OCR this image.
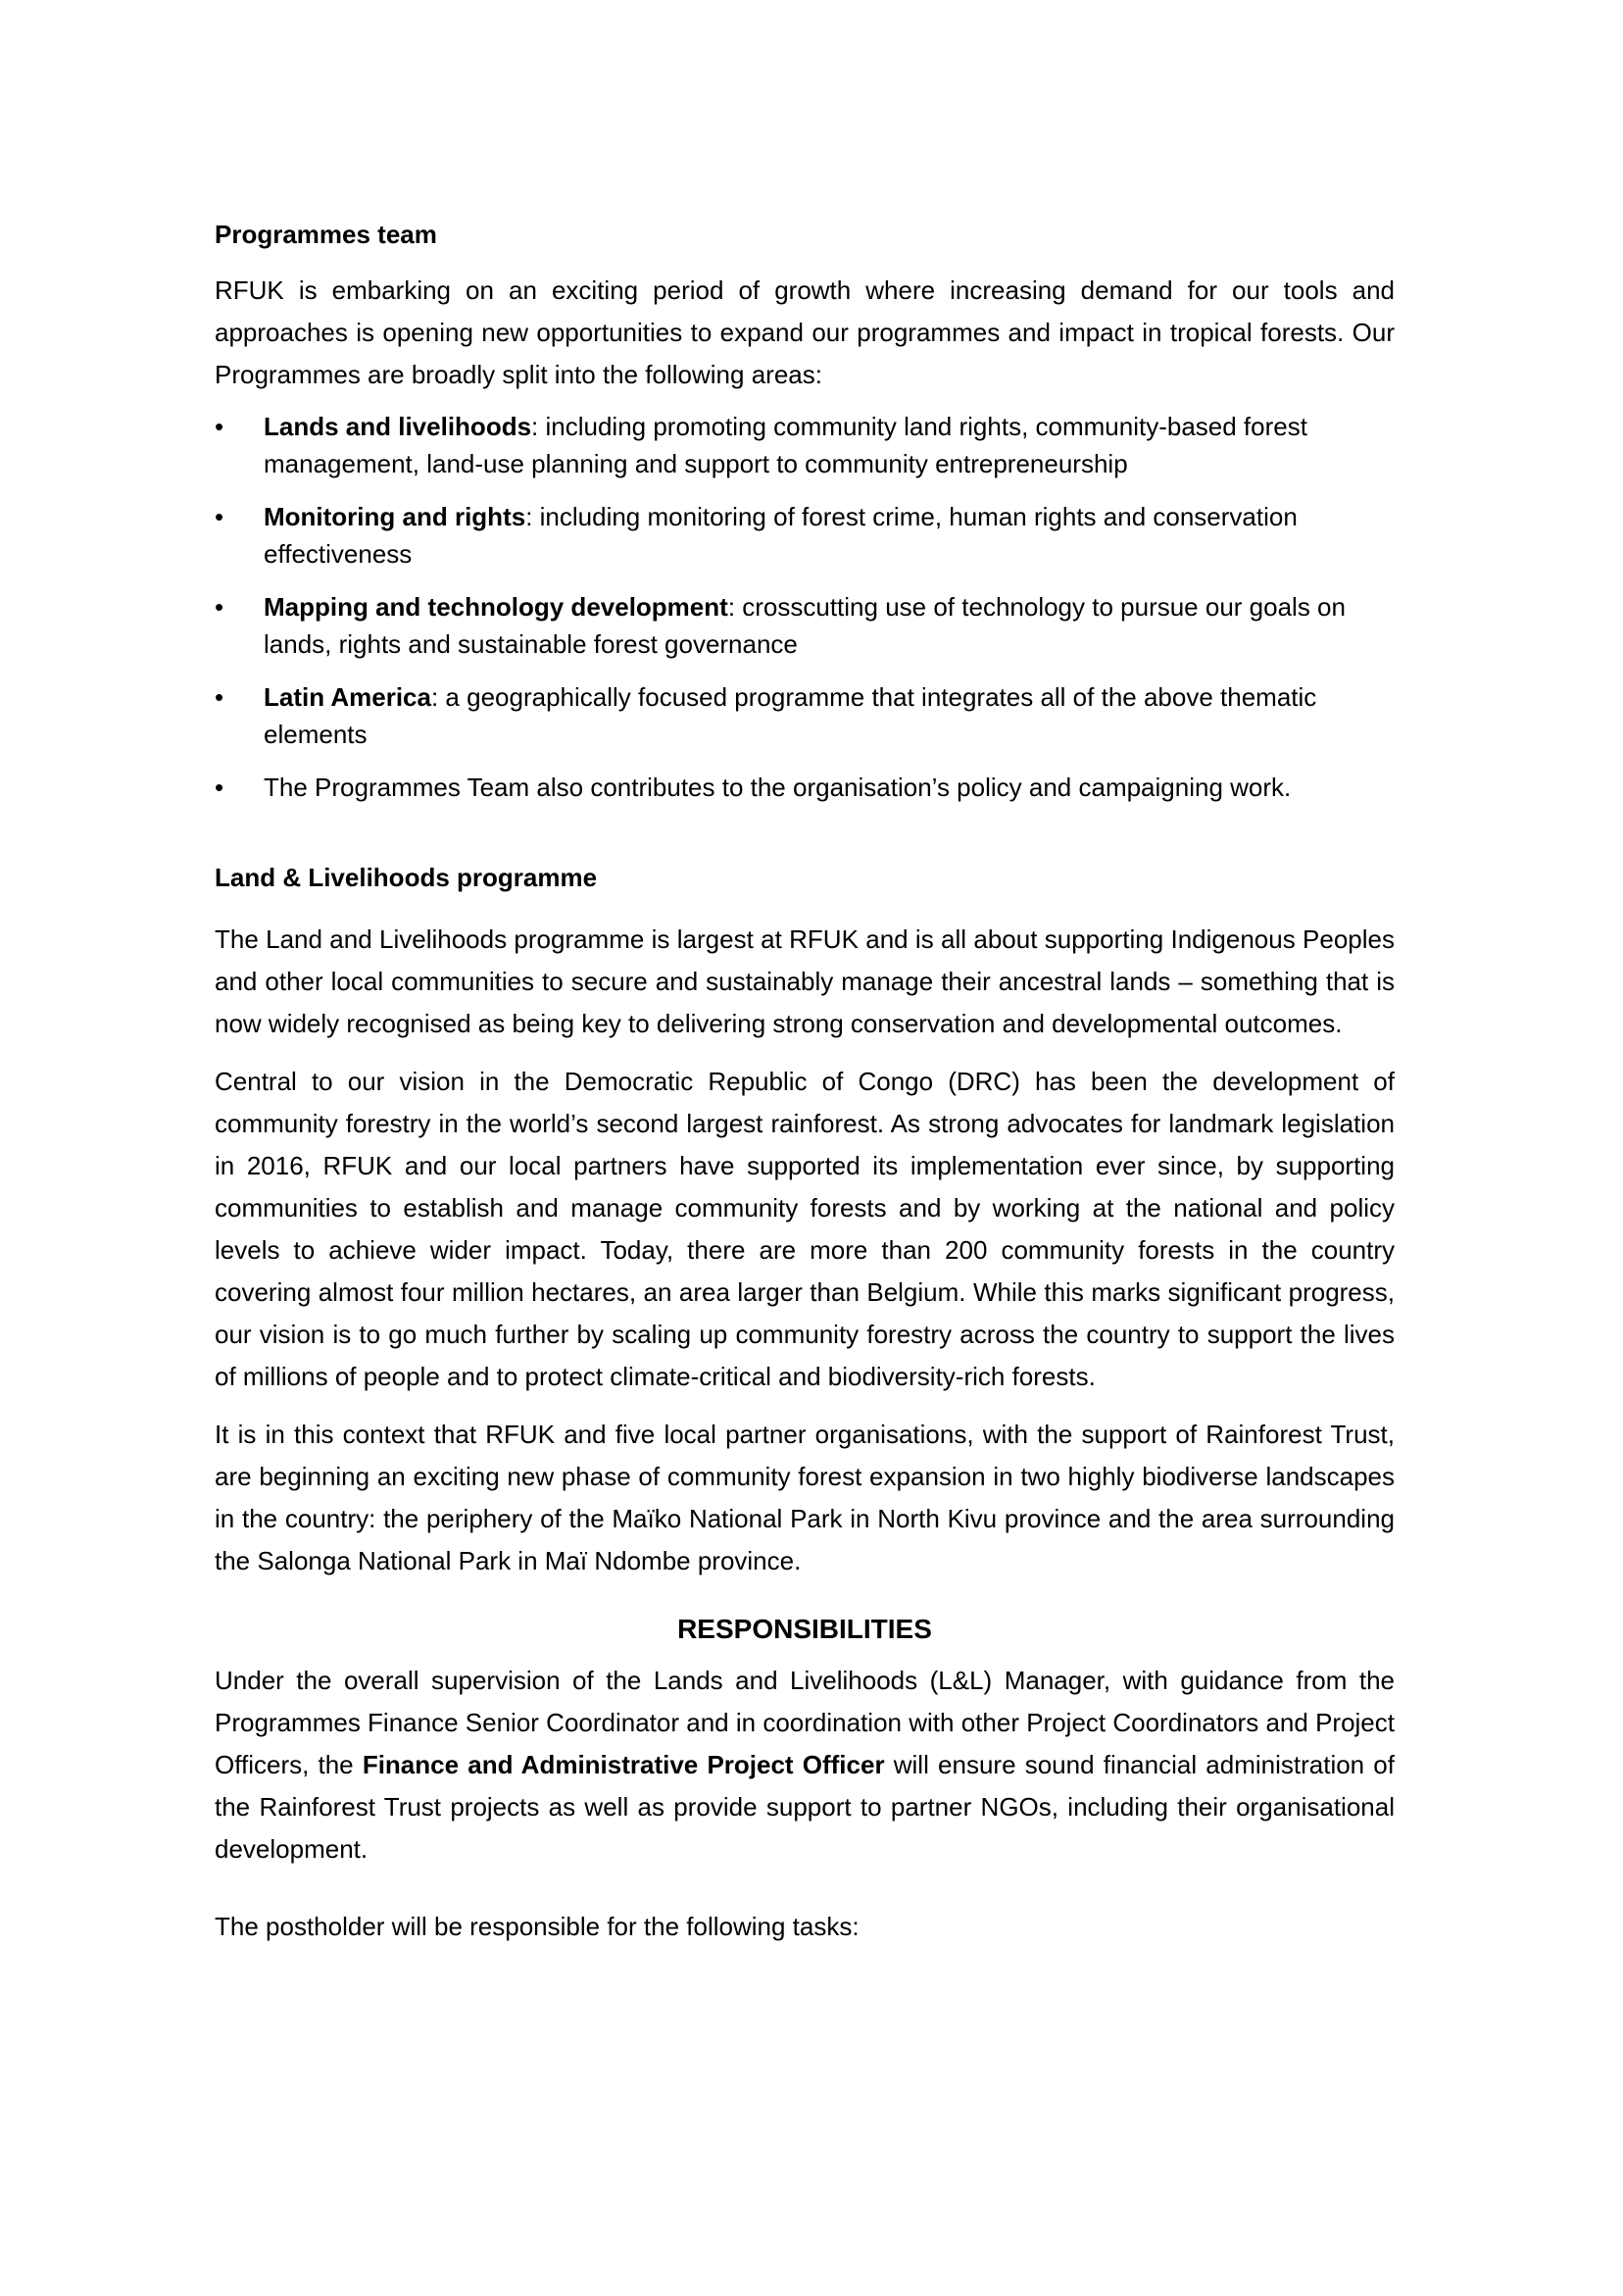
Programmes team

RFUK is embarking on an exciting period of growth where increasing demand for our tools and approaches is opening new opportunities to expand our programmes and impact in tropical forests. Our Programmes are broadly split into the following areas:

• Lands and livelihoods: including promoting community land rights, community-based forest management, land-use planning and support to community entrepreneurship
• Monitoring and rights: including monitoring of forest crime, human rights and conservation effectiveness
• Mapping and technology development: crosscutting use of technology to pursue our goals on lands, rights and sustainable forest governance
• Latin America: a geographically focused programme that integrates all of the above thematic elements
• The Programmes Team also contributes to the organisation’s policy and campaigning work.
Land & Livelihoods programme

The Land and Livelihoods programme is largest at RFUK and is all about supporting Indigenous Peoples and other local communities to secure and sustainably manage their ancestral lands – something that is now widely recognised as being key to delivering strong conservation and developmental outcomes.

Central to our vision in the Democratic Republic of Congo (DRC) has been the development of community forestry in the world’s second largest rainforest. As strong advocates for landmark legislation in 2016, RFUK and our local partners have supported its implementation ever since, by supporting communities to establish and manage community forests and by working at the national and policy levels to achieve wider impact. Today, there are more than 200 community forests in the country covering almost four million hectares, an area larger than Belgium. While this marks significant progress, our vision is to go much further by scaling up community forestry across the country to support the lives of millions of people and to protect climate-critical and biodiversity-rich forests.

It is in this context that RFUK and five local partner organisations, with the support of Rainforest Trust, are beginning an exciting new phase of community forest expansion in two highly biodiverse landscapes in the country: the periphery of the Maïko National Park in North Kivu province and the area surrounding the Salonga National Park in Maï Ndombe province.

RESPONSIBILITIES

Under the overall supervision of the Lands and Livelihoods (L&L) Manager, with guidance from the Programmes Finance Senior Coordinator and in coordination with other Project Coordinators and Project Officers, the Finance and Administrative Project Officer will ensure sound financial administration of the Rainforest Trust projects as well as provide support to partner NGOs, including their organisational development.

The postholder will be responsible for the following tasks:
